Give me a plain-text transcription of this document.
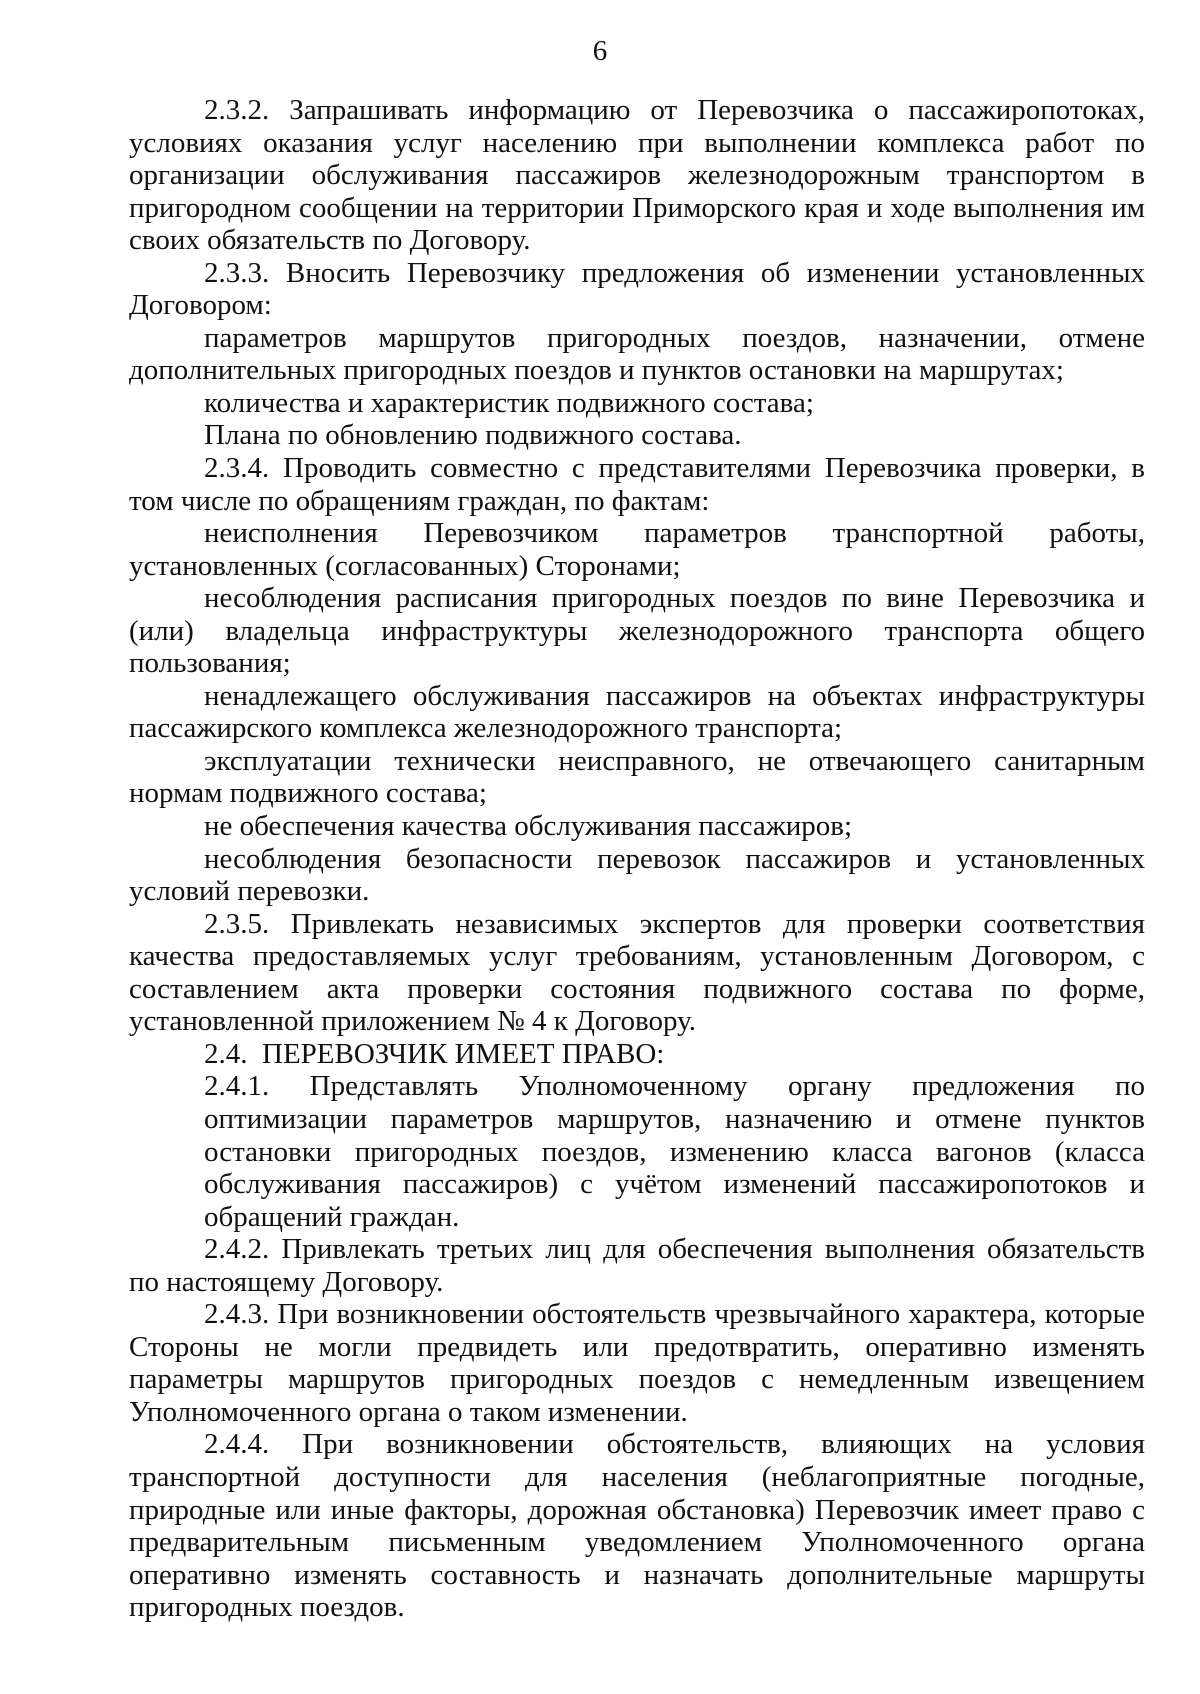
6

2.3.2. Запрашивать информацию от Перевозчика о пассажиропотоках, условиях оказания услуг населению при выполнении комплекса работ по организации обслуживания пассажиров железнодорожным транспортом в пригородном сообщении на территории Приморского края и ходе выполнения им своих обязательств по Договору.

2.3.3. Вносить Перевозчику предложения об изменении установленных Договором:

параметров маршрутов пригородных поездов, назначении, отмене дополнительных пригородных поездов и пунктов остановки на маршрутах;

количества и характеристик подвижного состава;

Плана по обновлению подвижного состава.

2.3.4. Проводить совместно с представителями Перевозчика проверки, в том числе по обращениям граждан, по фактам:

неисполнения Перевозчиком параметров транспортной работы, установленных (согласованных) Сторонами;

несоблюдения расписания пригородных поездов по вине Перевозчика и (или) владельца инфраструктуры железнодорожного транспорта общего пользования;

ненадлежащего обслуживания пассажиров на объектах инфраструктуры пассажирского комплекса железнодорожного транспорта;

эксплуатации технически неисправного, не отвечающего санитарным нормам подвижного состава;

не обеспечения качества обслуживания пассажиров;

несоблюдения безопасности перевозок пассажиров и установленных условий перевозки.

2.3.5. Привлекать независимых экспертов для проверки соответствия качества предоставляемых услуг требованиям, установленным Договором, с составлением акта проверки состояния подвижного состава по форме, установленной приложением № 4 к Договору.

2.4.  ПЕРЕВОЗЧИК ИМЕЕТ ПРАВО:

2.4.1. Представлять Уполномоченному органу предложения по оптимизации параметров маршрутов, назначению и отмене пунктов остановки пригородных поездов, изменению класса вагонов (класса обслуживания пассажиров) с учётом изменений пассажиропотоков и обращений граждан.

2.4.2. Привлекать третьих лиц для обеспечения выполнения обязательств по настоящему Договору.

2.4.3. При возникновении обстоятельств чрезвычайного характера, которые Стороны не могли предвидеть или предотвратить, оперативно изменять параметры маршрутов пригородных поездов с немедленным извещением Уполномоченного органа о таком изменении.

2.4.4. При возникновении обстоятельств, влияющих на условия транспортной доступности для населения (неблагоприятные погодные, природные или иные факторы, дорожная обстановка) Перевозчик имеет право с предварительным письменным уведомлением Уполномоченного органа оперативно изменять составность и назначать дополнительные маршруты пригородных поездов.
